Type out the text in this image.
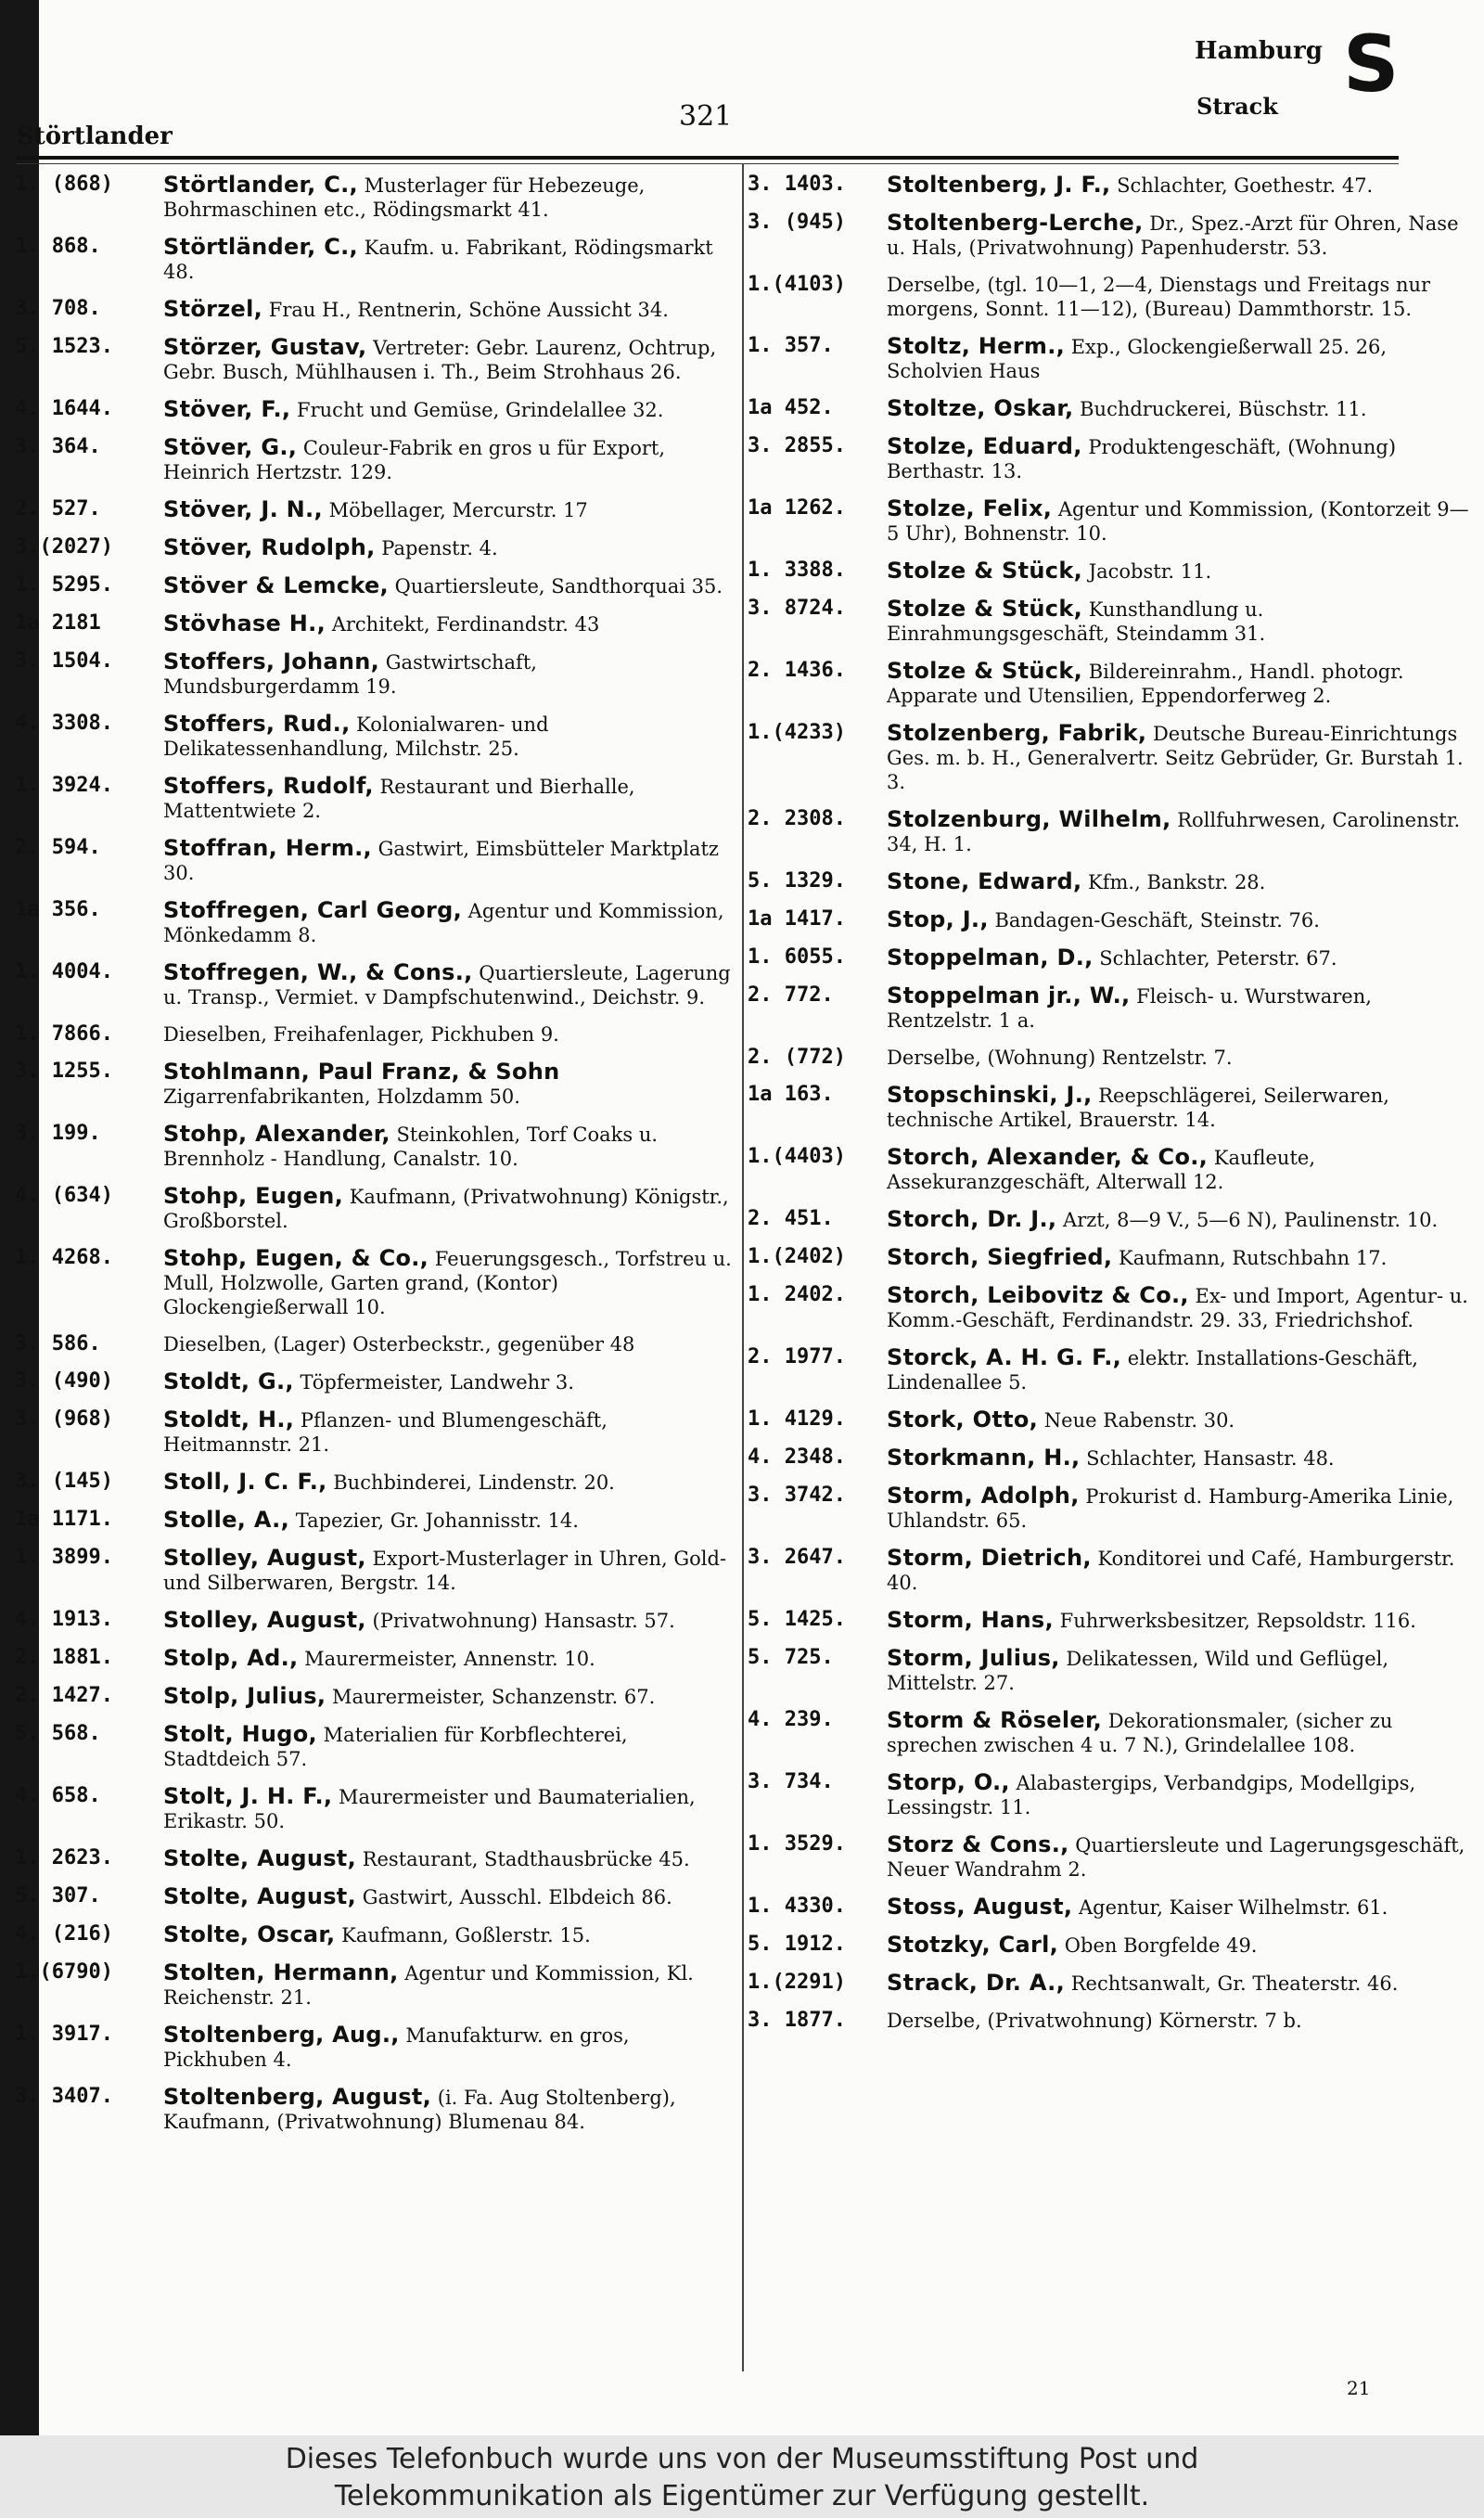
Störtlander
321
Hamburg
Strack S
1. (868)	Störtlander, C., Musterlager für Hebezeuge, Bohrmaschinen etc., Rödingsmarkt 41.
1. 868.	Störtländer, C., Kaufm. u. Fabrikant, Rödingsmarkt 48.
3. 708.	Störzel, Frau H., Rentnerin, Schöne Aussicht 34.
5. 1523.	Störzer, Gustav, Vertreter: Gebr. Laurenz, Ochtrup, Gebr. Busch, Mühlhausen i. Th., Beim Strohhaus 26.
4. 1644.	Stöver, F., Frucht und Gemüse, Grindelallee 32.
3. 364.	Stöver, G., Couleur-Fabrik en gros u für Export, Heinrich Hertzstr. 129.
2. 527.	Stöver, J. N., Möbellager, Mercurstr. 17
3.(2027)	Stöver, Rudolph, Papenstr. 4.
1. 5295.	Stöver & Lemcke, Quartiersleute, Sandthorquai 35.
1a 2181	Stövhase H., Architekt, Ferdinandstr. 43
3. 1504.	Stoffers, Johann, Gastwirtschaft, Mundsburgerdamm 19.
4. 3308.	Stoffers, Rud., Kolonialwaren- und Delikatessenhandlung, Milchstr. 25.
1. 3924.	Stoffers, Rudolf, Restaurant und Bierhalle, Mattentwiete 2.
2. 594.	Stoffran, Herm., Gastwirt, Eimsbütteler Marktplatz 30.
1a 356.	Stoffregen, Carl Georg, Agentur und Kommission, Mönkedamm 8.
1. 4004.	Stoffregen, W., & Cons., Quartiersleute, Lagerung u. Transp., Vermiet. v Dampfschutenwind., Deichstr. 9.
1. 7866.	Dieselben, Freihafenlager, Pickhuben 9.
3. 1255.	Stohlmann, Paul Franz, & Sohn Zigarrenfabrikanten, Holzdamm 50.
3. 199.	Stohp, Alexander, Steinkohlen, Torf Coaks u. Brennholz - Handlung, Canalstr. 10.
4. (634)	Stohp, Eugen, Kaufmann, (Privatwohnung) Königstr., Großborstel.
1. 4268.	Stohp, Eugen, & Co., Feuerungsgesch., Torfstreu u. Mull, Holzwolle, Garten grand, (Kontor) Glockengießerwall 10.
3. 586.	Dieselben, (Lager) Osterbeckstr., gegenüber 48
3. (490)	Stoldt, G., Töpfermeister, Landwehr 3.
3. (968)	Stoldt, H., Pflanzen- und Blumengeschäft, Heitmannstr. 21.
3. (145)	Stoll, J. C. F., Buchbinderei, Lindenstr. 20.
1a 1171.	Stolle, A., Tapezier, Gr. Johannisstr. 14.
1. 3899.	Stolley, August, Export-Musterlager in Uhren, Gold- und Silberwaren, Bergstr. 14.
4. 1913.	Stolley, August, (Privatwohnung) Hansastr. 57.
2. 1881.	Stolp, Ad., Maurermeister, Annenstr. 10.
2. 1427.	Stolp, Julius, Maurermeister, Schanzenstr. 67.
5. 568.	Stolt, Hugo, Materialien für Korbflechterei, Stadtdeich 57.
4. 658.	Stolt, J. H. F., Maurermeister und Baumaterialien, Erikastr. 50.
1. 2623.	Stolte, August, Restaurant, Stadthausbrücke 45.
5. 307.	Stolte, August, Gastwirt, Ausschl. Elbdeich 86.
4. (216)	Stolte, Oscar, Kaufmann, Goßlerstr. 15.
1.(6790)	Stolten, Hermann, Agentur und Kommission, Kl. Reichenstr. 21.
1. 3917.	Stoltenberg, Aug., Manufakturw. en gros, Pickhuben 4.
3. 3407.	Stoltenberg, August, (i. Fa. Aug Stoltenberg), Kaufmann, (Privatwohnung) Blumenau 84.
3. 1403.	Stoltenberg, J. F., Schlachter, Goethestr. 47.
3. (945)	Stoltenberg-Lerche, Dr., Spez.-Arzt für Ohren, Nase u. Hals, (Privatwohnung) Papenhuderstr. 53.
1.(4103)	Derselbe, (tgl. 10—1, 2—4, Dienstags und Freitags nur morgens, Sonnt. 11—12), (Bureau) Dammthorstr. 15.
1. 357.	Stoltz, Herm., Exp., Glockengießerwall 25. 26, Scholvien Haus
1a 452.	Stoltze, Oskar, Buchdruckerei, Büschstr. 11.
3. 2855.	Stolze, Eduard, Produktengeschäft, (Wohnung) Berthastr. 13.
1a 1262.	Stolze, Felix, Agentur und Kommission, (Kontorzeit 9—5 Uhr), Bohnenstr. 10.
1. 3388.	Stolze & Stück, Jacobstr. 11.
3. 8724.	Stolze & Stück, Kunsthandlung u. Einrahmungsgeschäft, Steindamm 31.
2. 1436.	Stolze & Stück, Bildereinrahm., Handl. photogr. Apparate und Utensilien, Eppendorferweg 2.
1.(4233)	Stolzenberg, Fabrik, Deutsche Bureau-Einrichtungs Ges. m. b. H., Generalvertr. Seitz Gebrüder, Gr. Burstah 1. 3.
2. 2308.	Stolzenburg, Wilhelm, Rollfuhrwesen, Carolinenstr. 34, H. 1.
5. 1329.	Stone, Edward, Kfm., Bankstr. 28.
1a 1417.	Stop, J., Bandagen-Geschäft, Steinstr. 76.
1. 6055.	Stoppelman, D., Schlachter, Peterstr. 67.
2. 772.	Stoppelman jr., W., Fleisch- u. Wurstwaren, Rentzelstr. 1 a.
2. (772)	Derselbe, (Wohnung) Rentzelstr. 7.
1a 163.	Stopschinski, J., Reepschlägerei, Seilerwaren, technische Artikel, Brauerstr. 14.
1.(4403)	Storch, Alexander, & Co., Kaufleute, Assekuranzgeschäft, Alterwall 12.
2. 451.	Storch, Dr. J., Arzt, 8—9 V., 5—6 N), Paulinenstr. 10.
1.(2402)	Storch, Siegfried, Kaufmann, Rutschbahn 17.
1. 2402.	Storch, Leibovitz & Co., Ex- und Import, Agentur- u. Komm.-Geschäft, Ferdinandstr. 29. 33, Friedrichshof.
2. 1977.	Storck, A. H. G. F., elektr. Installations-Geschäft, Lindenallee 5.
1. 4129.	Stork, Otto, Neue Rabenstr. 30.
4. 2348.	Storkmann, H., Schlachter, Hansastr. 48.
3. 3742.	Storm, Adolph, Prokurist d. Hamburg-Amerika Linie, Uhlandstr. 65.
3. 2647.	Storm, Dietrich, Konditorei und Café, Hamburgerstr. 40.
5. 1425.	Storm, Hans, Fuhrwerksbesitzer, Repsoldstr. 116.
5. 725.	Storm, Julius, Delikatessen, Wild und Geflügel, Mittelstr. 27.
4. 239.	Storm & Röseler, Dekorationsmaler, (sicher zu sprechen zwischen 4 u. 7 N.), Grindelallee 108.
3. 734.	Storp, O., Alabastergips, Verbandgips, Modellgips, Lessingstr. 11.
1. 3529.	Storz & Cons., Quartiersleute und Lagerungsgeschäft, Neuer Wandrahm 2.
1. 4330.	Stoss, August, Agentur, Kaiser Wilhelmstr. 61.
5. 1912.	Stotzky, Carl, Oben Borgfelde 49.
1.(2291)	Strack, Dr. A., Rechtsanwalt, Gr. Theaterstr. 46.
3. 1877.	Derselbe, (Privatwohnung) Körnerstr. 7 b.
21
Dieses Telefonbuch wurde uns von der Museumsstiftung Post und
Telekommunikation als Eigentümer zur Verfügung gestellt.
